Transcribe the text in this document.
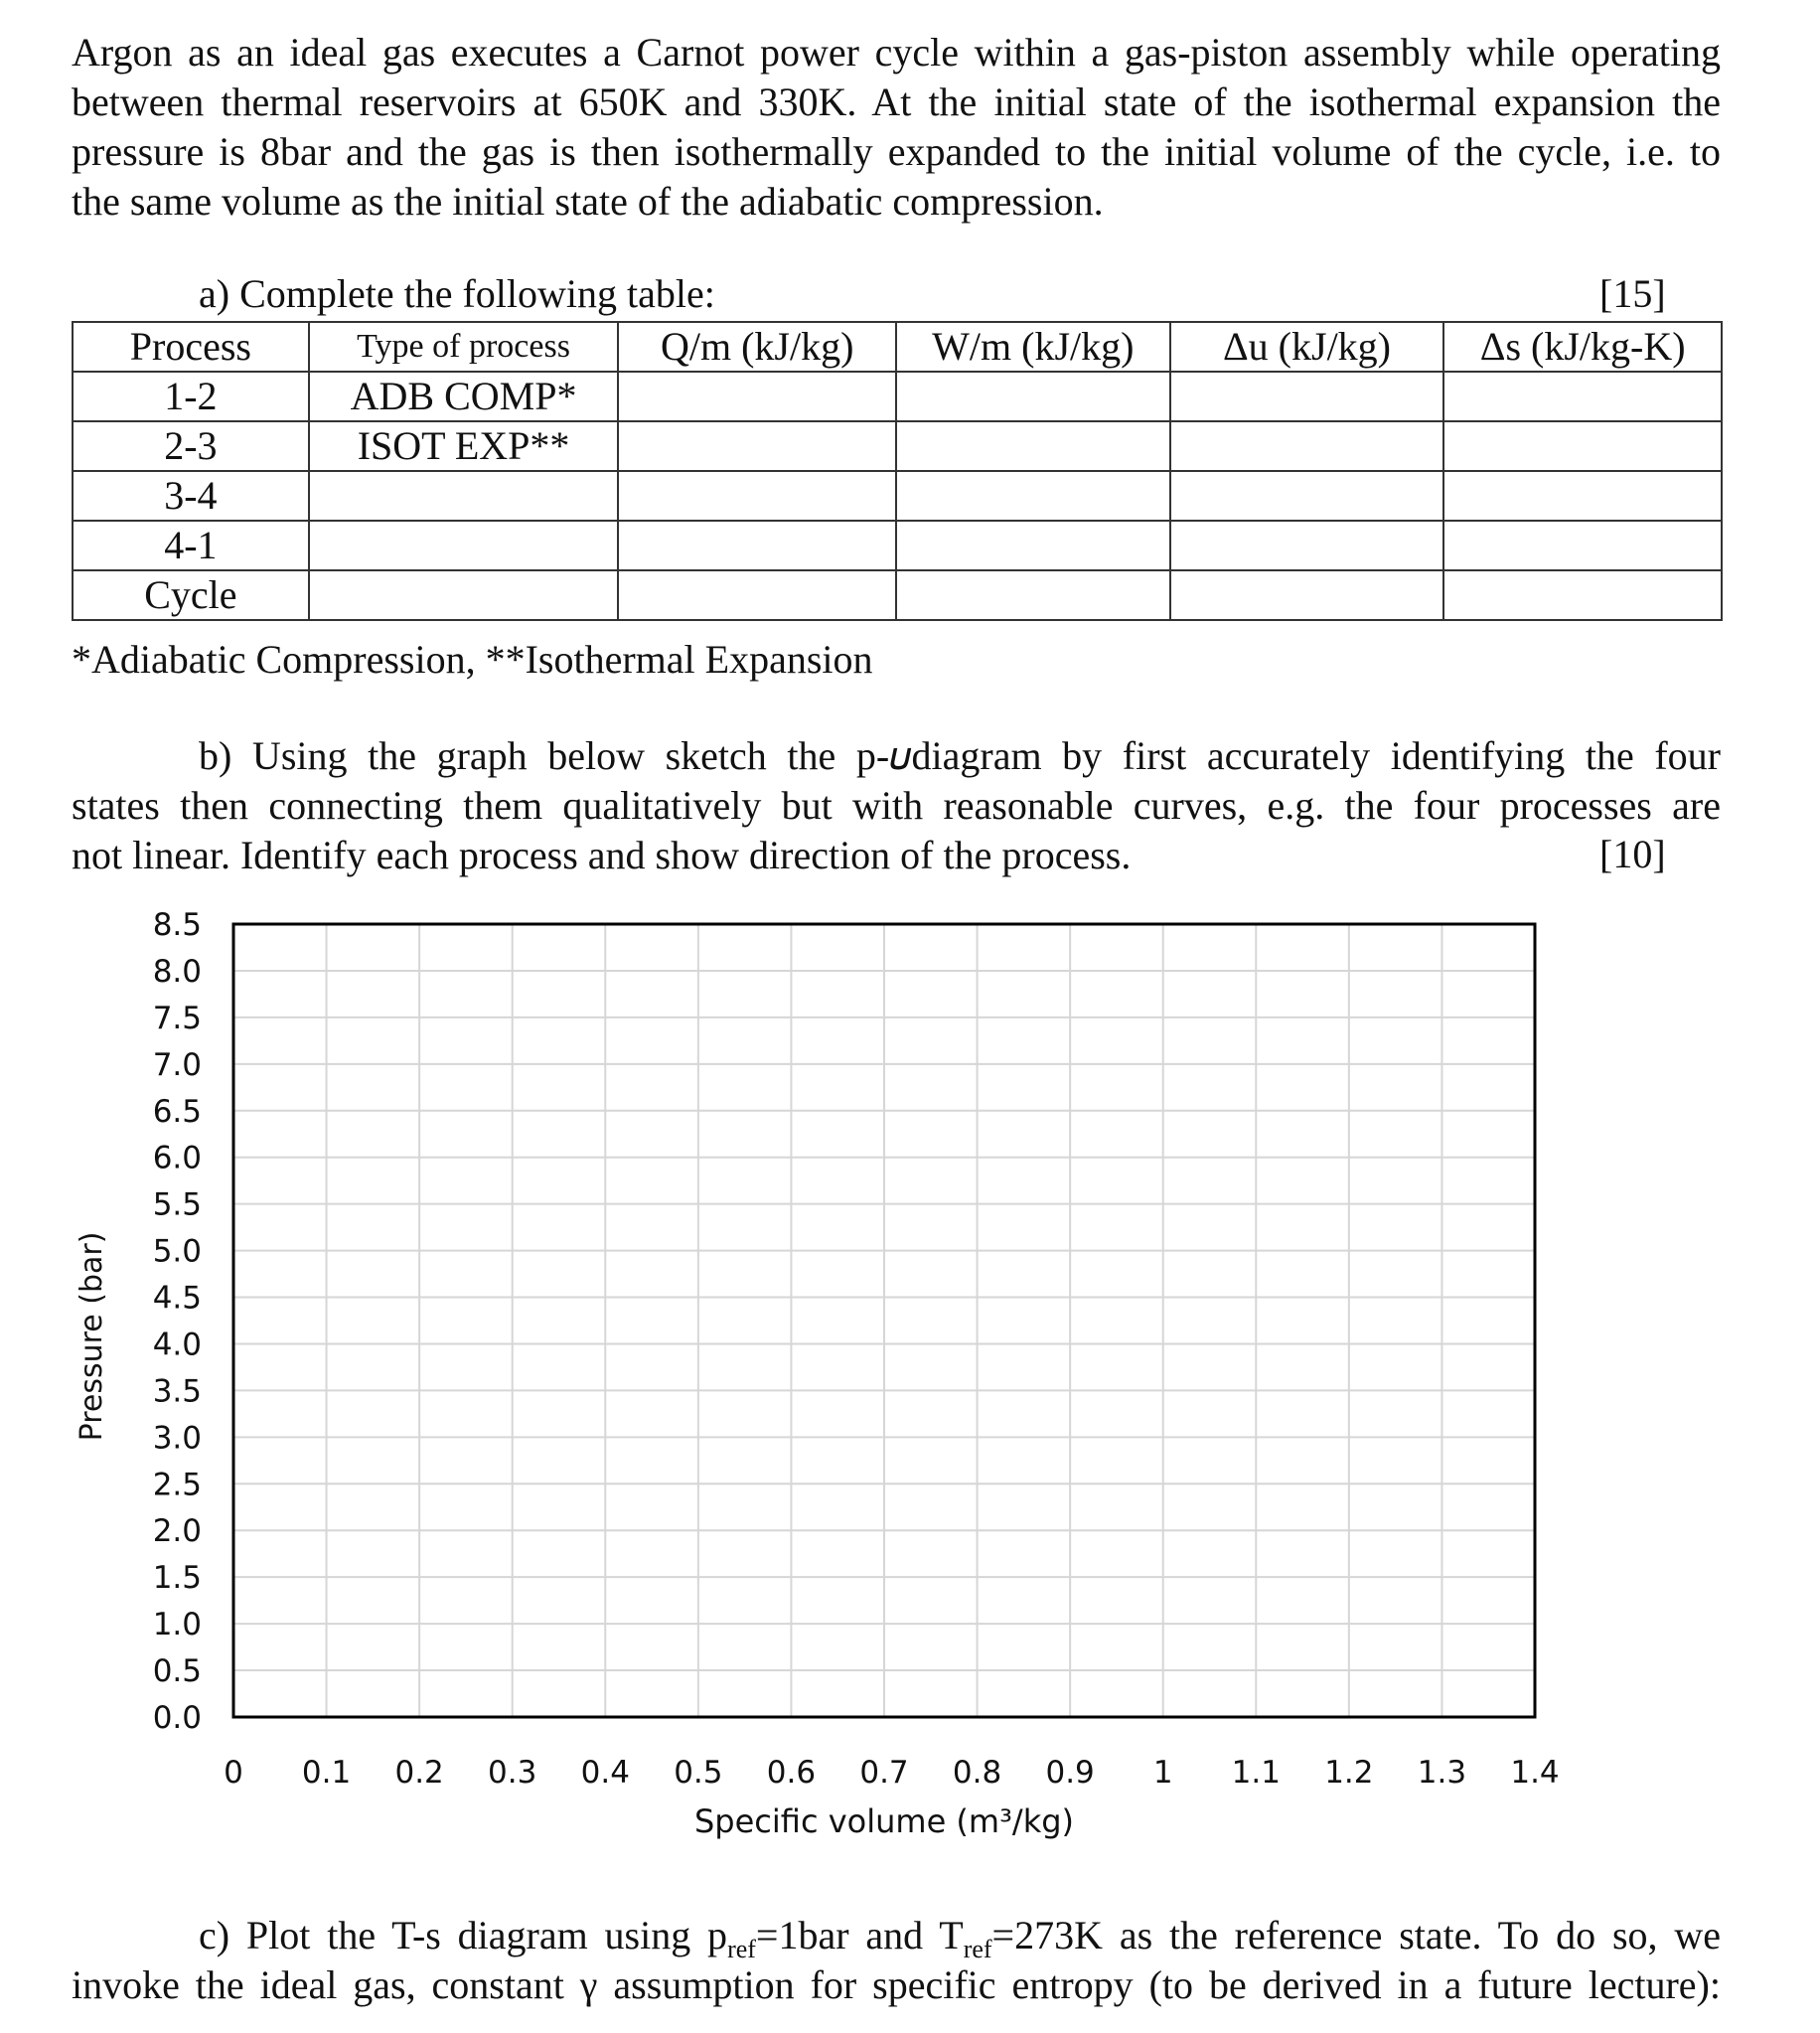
Argon as an ideal gas executes a Carnot power cycle within a gas-piston assembly while operating
between thermal reservoirs at 650K and 330K. At the initial state of the isothermal expansion the
pressure is 8bar and the gas is then isothermally expanded to the initial volume of the cycle, i.e. to
the same volume as the initial state of the adiabatic compression.
a) Complete the following table:	[15]
Process	Type of process	Q/m (kJ/kg)	W/m (kJ/kg)	Δu (kJ/kg)	Δs (kJ/kg-K)
1-2	ADB COMP*				
2-3	ISOT EXP**				
3-4					
4-1					
Cycle					
*Adiabatic Compression, **Isothermal Expansion
b) Using the graph below sketch the p-𝜐diagram by first accurately identifying the four
states then connecting them qualitatively but with reasonable curves, e.g. the four processes are
not linear. Identify each process and show direction of the process.	[10]
0.0
0.5
1.0
1.5
2.0
2.5
3.0
3.5
4.0
4.5
5.0
5.5
6.0
6.5
7.0
7.5
8.0
8.5
0 0.1 0.2 0.3 0.4 0.5 0.6 0.7 0.8 0.9 1 1.1 1.2 1.3 1.4
Pressure (bar)
Specific volume (m³/kg)
c) Plot the T-s diagram using $p_{ref}=1bar$ and $T_{ref}=273K$ as the reference state. To do so, we
invoke the ideal gas, constant γ assumption for specific entropy (to be derived in a future lecture):
